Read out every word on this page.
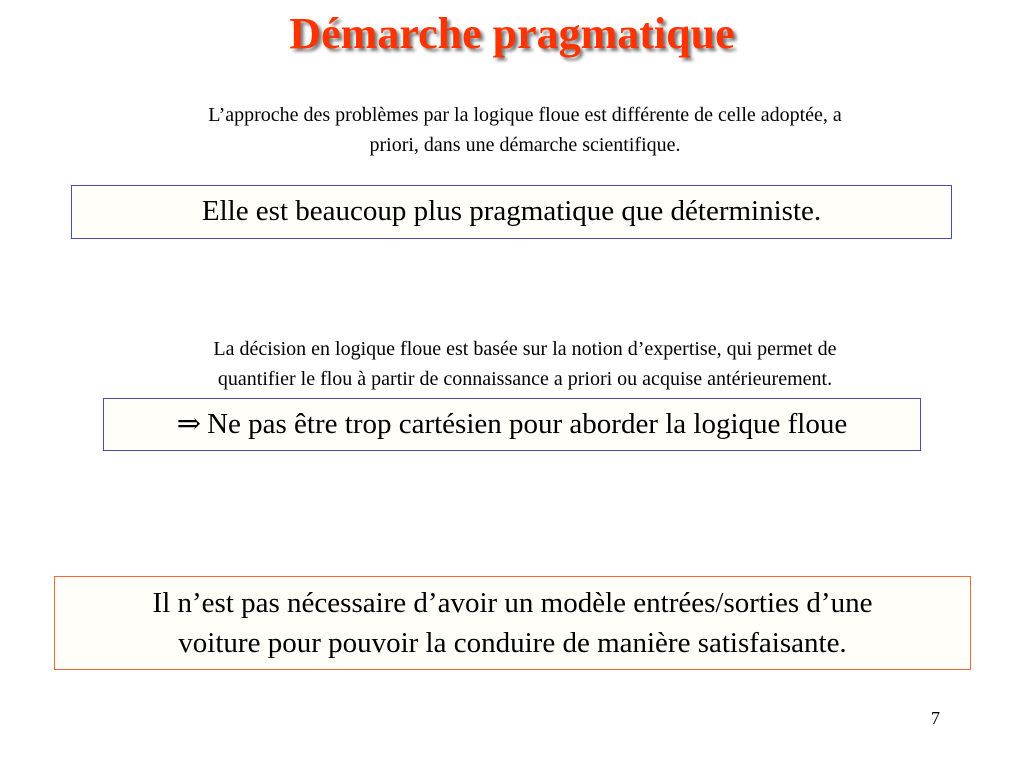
Démarche pragmatique
L’approche des problèmes par la logique floue est différente de celle adoptée, a
priori, dans une démarche scientifique.
Elle est beaucoup plus pragmatique que déterministe.
La décision en logique floue est basée sur la notion d’expertise, qui permet de
quantifier le flou à partir de connaissance a priori ou acquise antérieurement.
⇒ Ne pas être trop cartésien pour aborder la logique floue
Il n’est pas nécessaire d’avoir un modèle entrées/sorties d’une
voiture pour pouvoir la conduire de manière satisfaisante.
7
